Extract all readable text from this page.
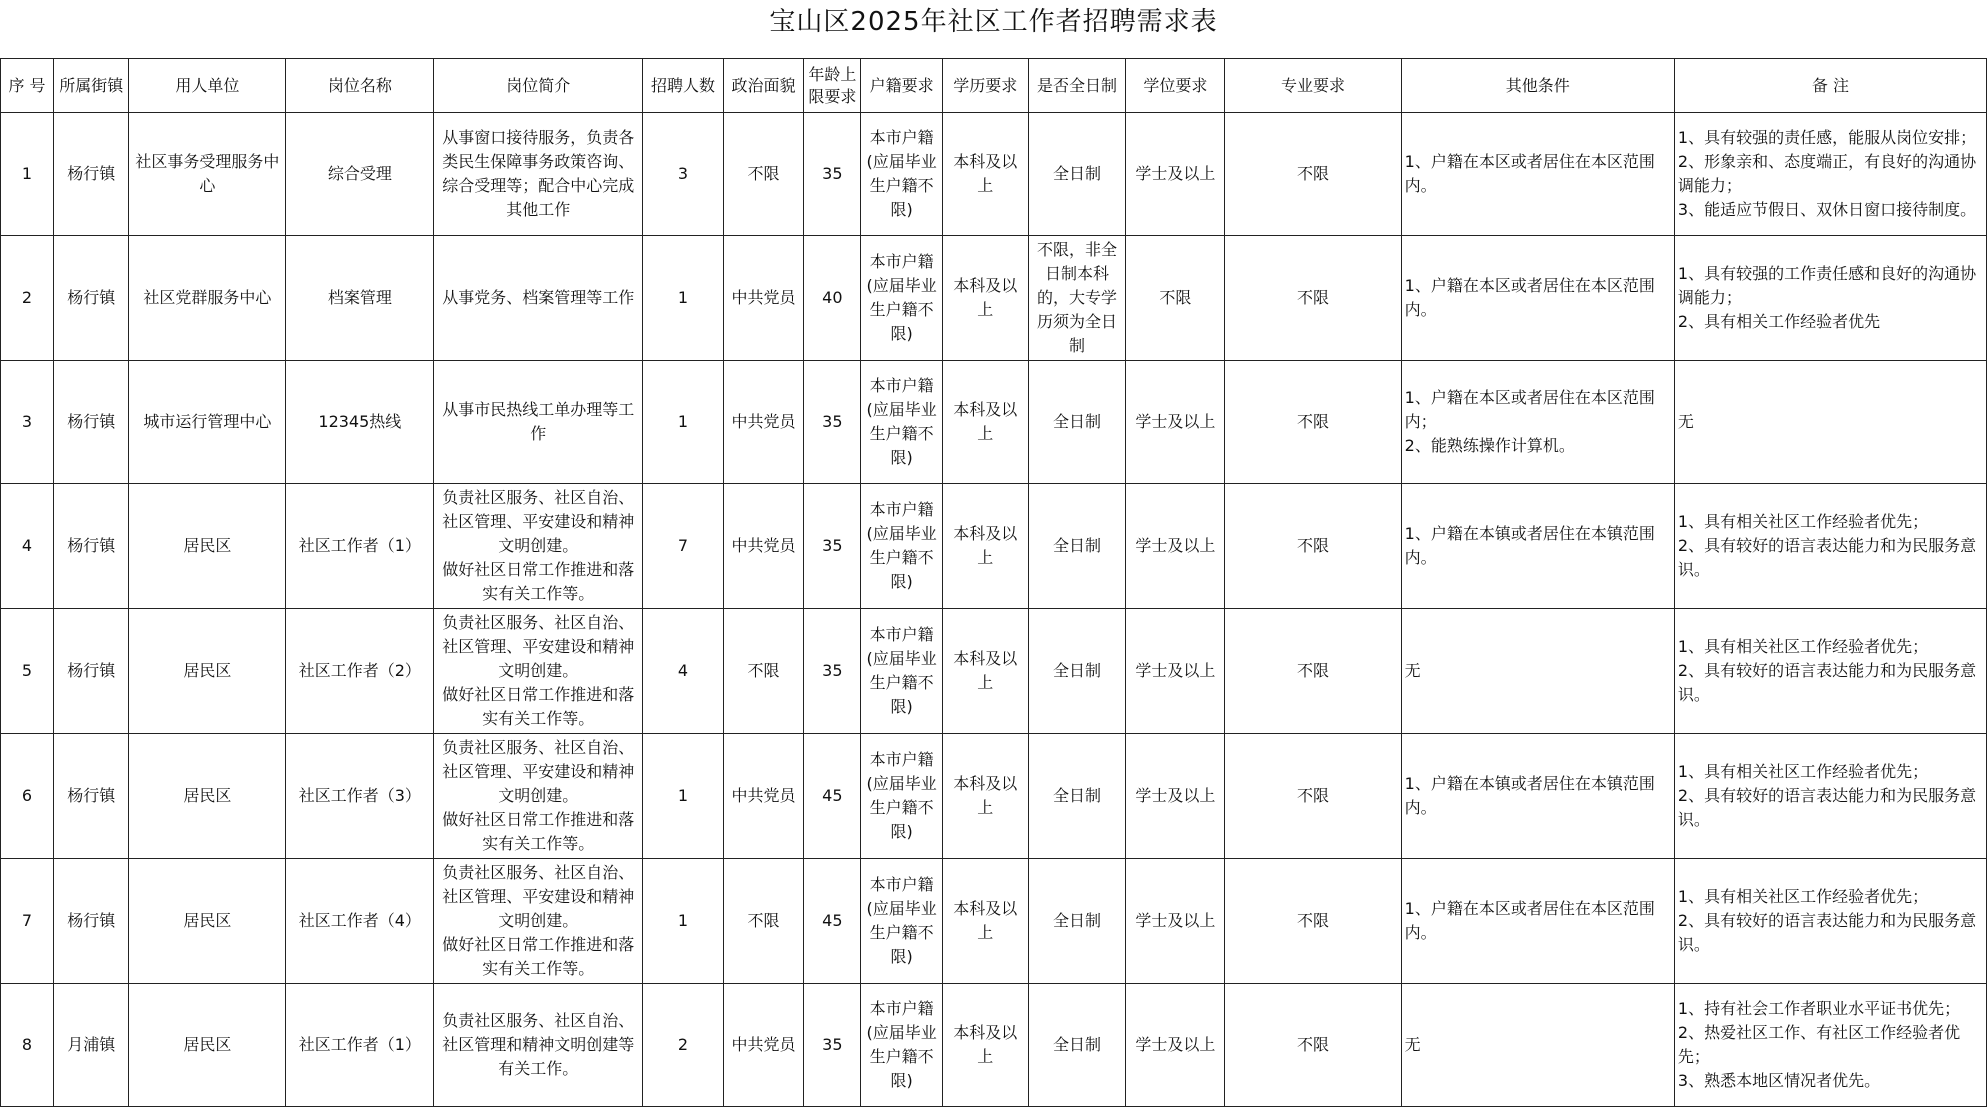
宝山区2025年社区工作者招聘需求表
序 号	所属街镇	用人单位	岗位名称	岗位简介	招聘人数	政治面貌	年龄上
限要求	户籍要求	学历要求	是否全日制	学位要求	专业要求	其他条件	备 注
1	杨行镇	社区事务受理服务中心	综合受理	从事窗口接待服务，负责各类民生保障事务政策咨询、综合受理等；配合中心完成其他工作	3	不限	35	本市户籍(应届毕业生户籍不限)	本科及以上	全日制	学士及以上	不限	1、户籍在本区或者居住在本区范围内。	1、具有较强的责任感，能服从岗位安排；
2、形象亲和、态度端正，有良好的沟通协调能力；
3、能适应节假日、双休日窗口接待制度。
2	杨行镇	社区党群服务中心	档案管理	从事党务、档案管理等工作	1	中共党员	40	本市户籍(应届毕业生户籍不限)	本科及以上	不限，非全日制本科的，大专学历须为全日制	不限	不限	1、户籍在本区或者居住在本区范围内。	1、具有较强的工作责任感和良好的沟通协调能力；
2、具有相关工作经验者优先
3	杨行镇	城市运行管理中心	12345热线	从事市民热线工单办理等工作	1	中共党员	35	本市户籍(应届毕业生户籍不限)	本科及以上	全日制	学士及以上	不限	1、户籍在本区或者居住在本区范围内；
2、能熟练操作计算机。	无
4	杨行镇	居民区	社区工作者（1）	负责社区服务、社区自治、社区管理、平安建设和精神文明创建。
做好社区日常工作推进和落实有关工作等。	7	中共党员	35	本市户籍(应届毕业生户籍不限)	本科及以上	全日制	学士及以上	不限	1、户籍在本镇或者居住在本镇范围内。	1、具有相关社区工作经验者优先；
2、具有较好的语言表达能力和为民服务意识。
5	杨行镇	居民区	社区工作者（2）	负责社区服务、社区自治、社区管理、平安建设和精神文明创建。
做好社区日常工作推进和落实有关工作等。	4	不限	35	本市户籍(应届毕业生户籍不限)	本科及以上	全日制	学士及以上	不限	无	1、具有相关社区工作经验者优先；
2、具有较好的语言表达能力和为民服务意识。
6	杨行镇	居民区	社区工作者（3）	负责社区服务、社区自治、社区管理、平安建设和精神文明创建。
做好社区日常工作推进和落实有关工作等。	1	中共党员	45	本市户籍(应届毕业生户籍不限)	本科及以上	全日制	学士及以上	不限	1、户籍在本镇或者居住在本镇范围内。	1、具有相关社区工作经验者优先；
2、具有较好的语言表达能力和为民服务意识。
7	杨行镇	居民区	社区工作者（4）	负责社区服务、社区自治、社区管理、平安建设和精神文明创建。
做好社区日常工作推进和落实有关工作等。	1	不限	45	本市户籍(应届毕业生户籍不限)	本科及以上	全日制	学士及以上	不限	1、户籍在本区或者居住在本区范围内。	1、具有相关社区工作经验者优先；
2、具有较好的语言表达能力和为民服务意识。
8	月浦镇	居民区	社区工作者（1）	负责社区服务、社区自治、社区管理和精神文明创建等有关工作。	2	中共党员	35	本市户籍(应届毕业生户籍不限)	本科及以上	全日制	学士及以上	不限	无	1、持有社会工作者职业水平证书优先；
2、热爱社区工作、有社区工作经验者优先；
3、熟悉本地区情况者优先。
